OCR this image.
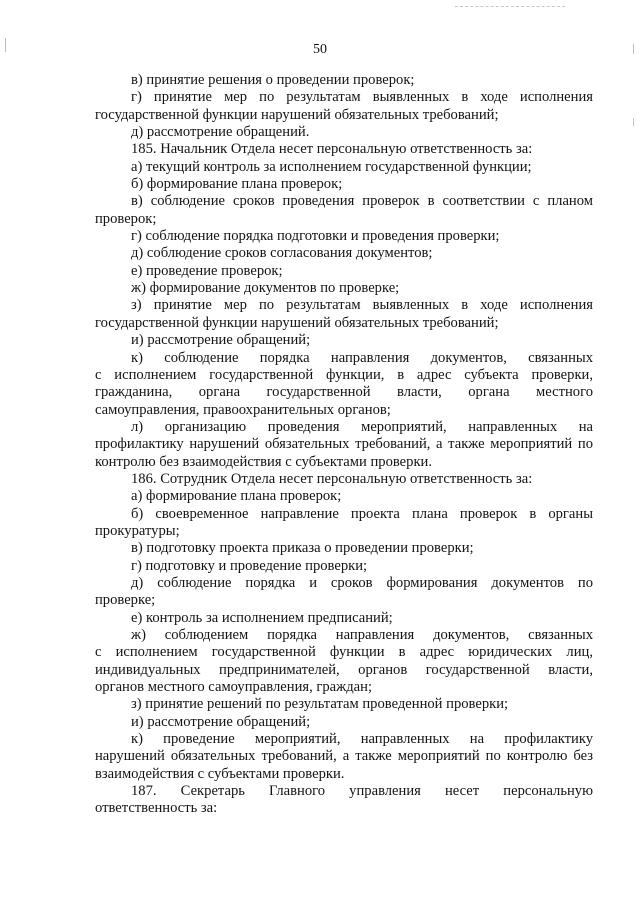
50
в) принятие решения о проведении проверок;
г) принятие мер по результатам выявленных в ходе исполнения
государственной функции нарушений обязательных требований;
д) рассмотрение обращений.
185. Начальник Отдела несет персональную ответственность за:
а) текущий контроль за исполнением государственной функции;
б) формирование плана проверок;
в) соблюдение сроков проведения проверок в соответствии с планом
проверок;
г) соблюдение порядка подготовки и проведения проверки;
д) соблюдение сроков согласования документов;
е) проведение проверок;
ж) формирование документов по проверке;
з) принятие мер по результатам выявленных в ходе исполнения
государственной функции нарушений обязательных требований;
и) рассмотрение обращений;
к) соблюдение порядка направления документов, связанных
с исполнением государственной функции, в адрес субъекта проверки,
гражданина, органа государственной власти, органа местного
самоуправления, правоохранительных органов;
л) организацию проведения мероприятий, направленных на
профилактику нарушений обязательных требований, а также мероприятий по
контролю без взаимодействия с субъектами проверки.
186. Сотрудник Отдела несет персональную ответственность за:
а) формирование плана проверок;
б) своевременное направление проекта плана проверок в органы
прокуратуры;
в) подготовку проекта приказа о проведении проверки;
г) подготовку и проведение проверки;
д) соблюдение порядка и сроков формирования документов по
проверке;
е) контроль за исполнением предписаний;
ж) соблюдением порядка направления документов, связанных
с исполнением государственной функции в адрес юридических лиц,
индивидуальных предпринимателей, органов государственной власти,
органов местного самоуправления, граждан;
з) принятие решений по результатам проведенной проверки;
и) рассмотрение обращений;
к) проведение мероприятий, направленных на профилактику
нарушений обязательных требований, а также мероприятий по контролю без
взаимодействия с субъектами проверки.
187. Секретарь Главного управления несет персональную
ответственность за:
